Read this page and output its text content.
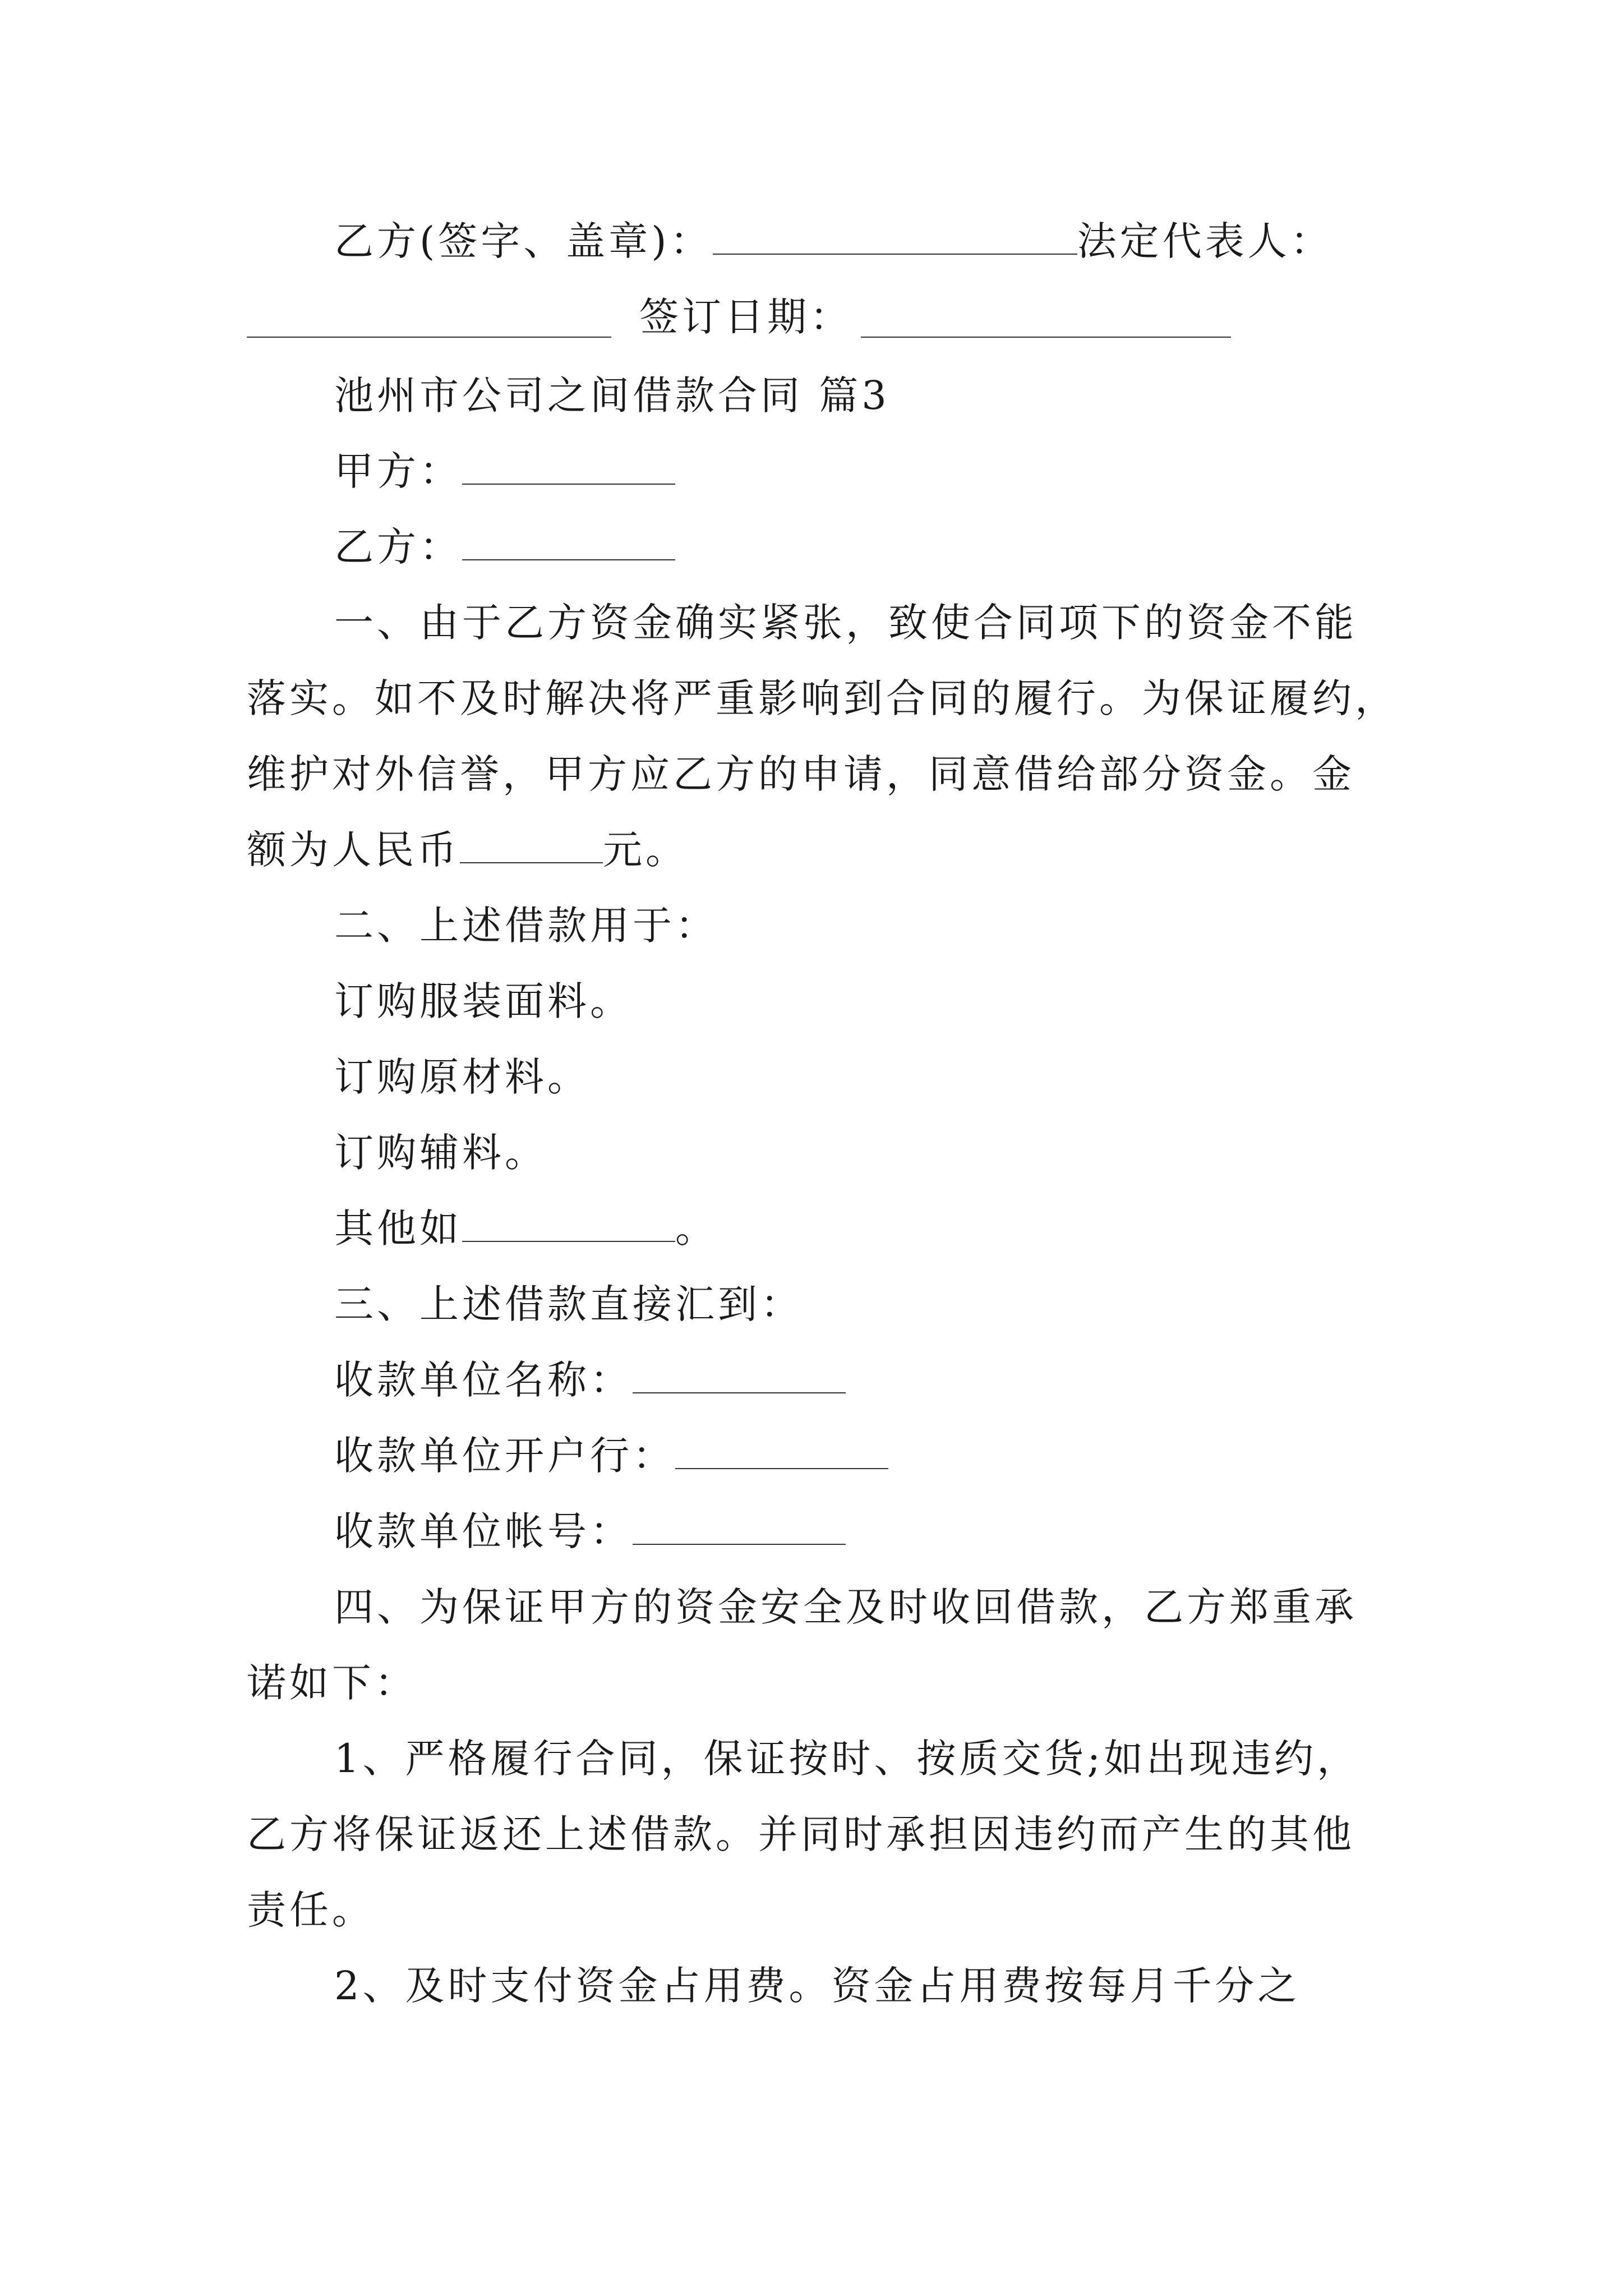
乙方(签字、盖章)：	法定代表人：
签订日期：
池州市公司之间借款合同 篇3
甲方：
乙方：
一、由于乙方资金确实紧张，致使合同项下的资金不能
落实。如不及时解决将严重影响到合同的履行。为保证履约，
维护对外信誉，甲方应乙方的申请，同意借给部分资金。金
额为人民币	元。
二、上述借款用于：
订购服装面料。
订购原材料。
订购辅料。
其他如	。
三、上述借款直接汇到：
收款单位名称：
收款单位开户行：
收款单位帐号：
四、为保证甲方的资金安全及时收回借款，乙方郑重承
诺如下：
1、严格履行合同，保证按时、按质交货;如出现违约，
乙方将保证返还上述借款。并同时承担因违约而产生的其他
责任。
2、及时支付资金占用费。资金占用费按每月千分之
